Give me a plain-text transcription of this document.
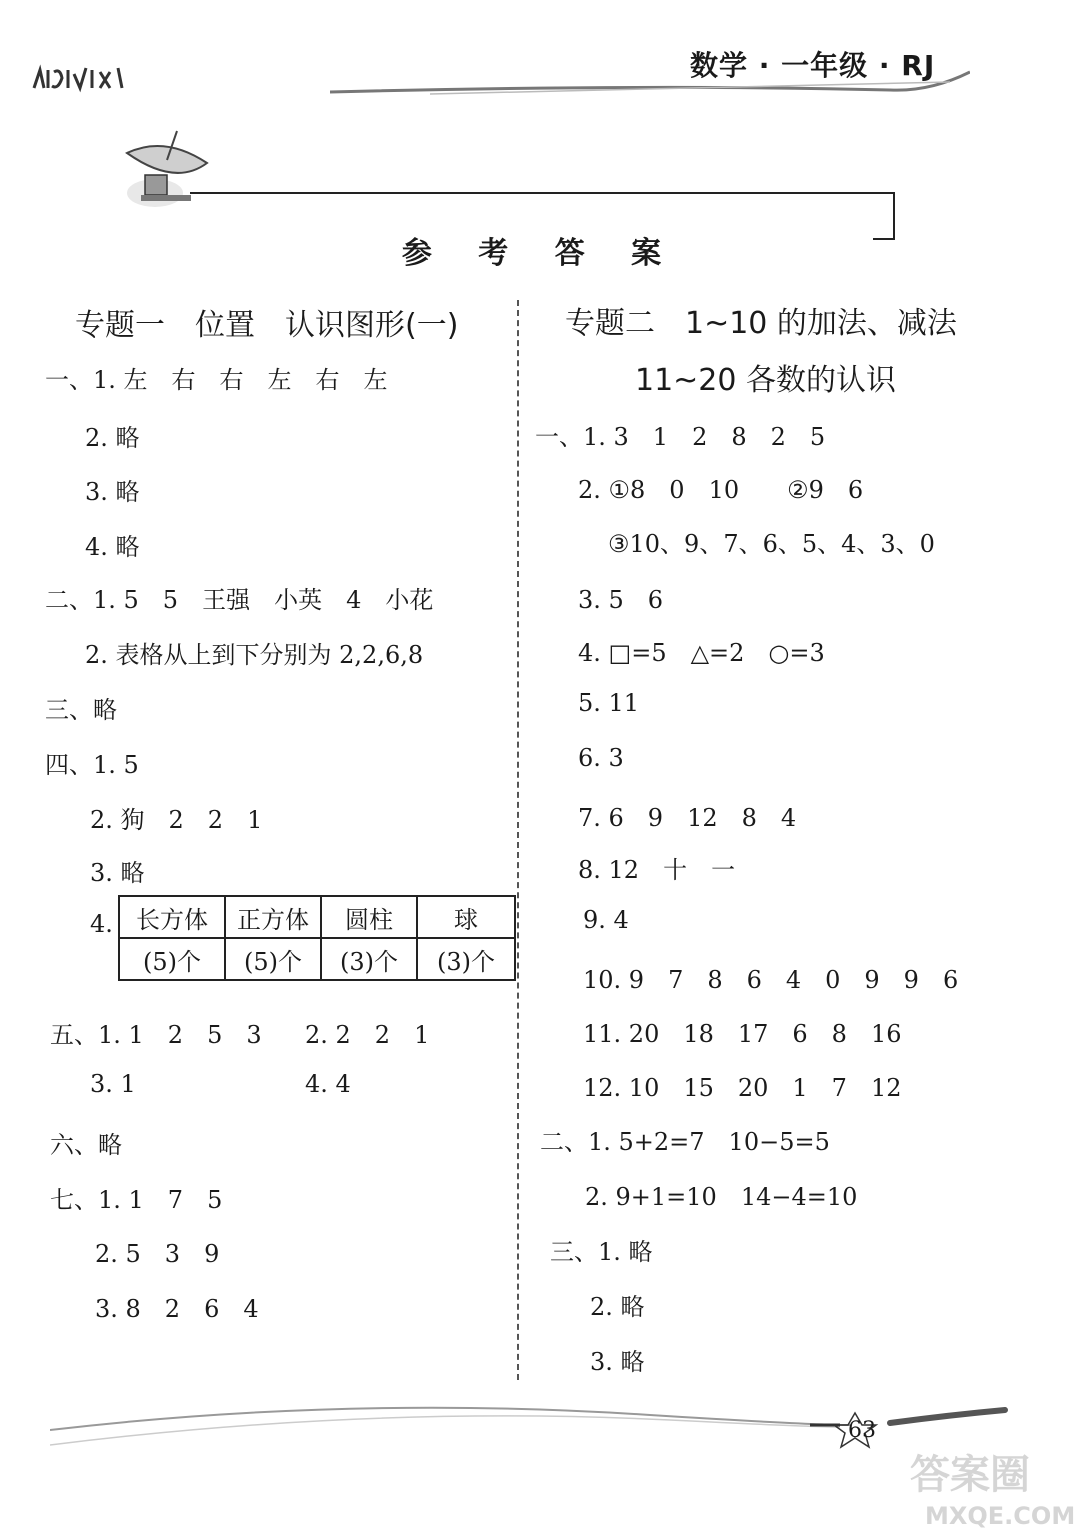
数学 · 一年级 · RJ
参 考 答 案
专题一　位置　认识图形(一)
一、1. 左　右　右　左　右　左
2. 略
3. 略
4. 略
二、1. 5　5　王强　小英　4　小花
2. 表格从上到下分别为 2,2,6,8
三、略
四、1. 5
2. 狗　2　2　1
3. 略
4. 长方体	正方体	圆柱	球
(5)个	(5)个	(3)个	(3)个
五、1. 1　2　5　3 2. 2　2　1
3. 1	4. 4
六、略
七、1. 1　7　5
2. 5　3　9
3. 8　2　6　4
专题二　1~10 的加法、减法
11~20 各数的认识
一、1. 3　1　2　8　2　5
2. ①8　0　10　　②9　6
③10、9、7、6、5、4、3、0
3. 5　6
4. □=5　△=2　○=3
5. 11
6. 3
7. 6　9　12　8　4
8. 12　十　一
9. 4
10. 9　7　8　6　4　0　9　9　6
11. 20　18　17　6　8　16
12. 10　15　20　1　7　12
二、1. 5+2=7　10−5=5
2. 9+1=10　14−4=10
三、1. 略
2. 略
3. 略
63
答案圈
MXQE.COM
